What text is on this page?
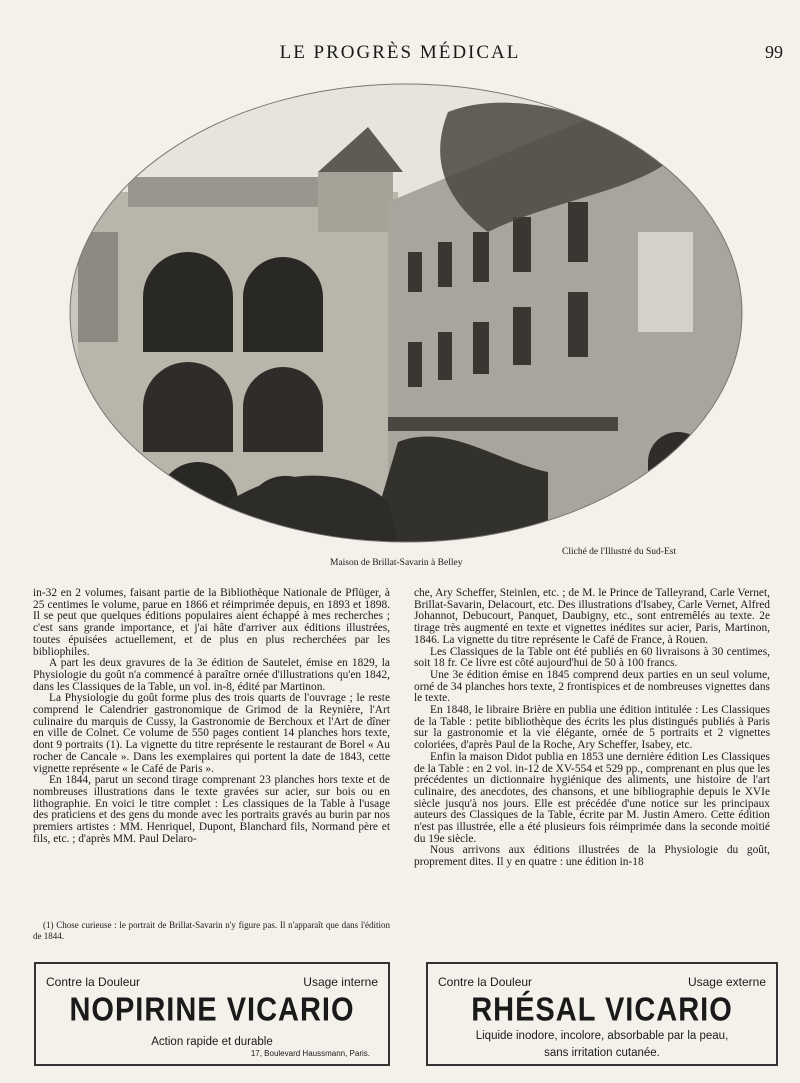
LE PROGRÈS MÉDICAL	99
Maison de Brillat-Savarin à Belley
Cliché de l'Illustré du Sud-Est

in-32 en 2 volumes, faisant partie de la Bibliothèque Nationale de Pflüger, à 25 centimes le volume, parue en 1866 et réimprimée depuis, en 1893 et 1898. Il se peut que quelques éditions populaires aient échappé à mes recherches ; c'est sans grande importance, et j'ai hâte d'arriver aux éditions illustrées, toutes épuisées actuellement, et de plus en plus recherchées par les bibliophiles.

A part les deux gravures de la 3e édition de Sautelet, émise en 1829, la Physiologie du goût n'a commencé à paraître ornée d'illustrations qu'en 1842, dans les Classiques de la Table, un vol. in-8, édité par Martinon.

La Physiologie du goût forme plus des trois quarts de l'ouvrage ; le reste comprend le Calendrier gastronomique de Grimod de la Reynière, l'Art culinaire du marquis de Cussy, la Gastronomie de Berchoux et l'Art de dîner en ville de Colnet. Ce volume de 550 pages contient 14 planches hors texte, dont 9 portraits (1). La vignette du titre représente le restaurant de Borel « Au rocher de Cancale ». Dans les exemplaires qui portent la date de 1843, cette vignette représente « le Café de Paris ».

En 1844, parut un second tirage comprenant 23 planches hors texte et de nombreuses illustrations dans le texte gravées sur acier, sur bois ou en lithographie. En voici le titre complet : Les classiques de la Table à l'usage des praticiens et des gens du monde avec les portraits gravés au burin par nos premiers artistes : MM. Henriquel, Dupont, Blanchard fils, Normand père et fils, etc. ; d'après MM. Paul Delaro-

(1) Chose curieuse : le portrait de Brillat-Savarin n'y figure pas. Il n'apparaît que dans l'édition de 1844.

che, Ary Scheffer, Steinlen, etc. ; de M. le Prince de Talleyrand, Carle Vernet, Brillat-Savarin, Delacourt, etc. Des illustrations d'Isabey, Carle Vernet, Alfred Johannot, Debucourt, Panquet, Daubigny, etc., sont entremêlés au texte. 2e tirage très augmenté en texte et vignettes inédites sur acier, Paris, Martinon, 1846. La vignette du titre représente le Café de France, à Rouen.

Les Classiques de la Table ont été publiés en 60 livraisons à 30 centimes, soit 18 fr. Ce livre est côté aujourd'hui de 50 à 100 francs.

Une 3e édition émise en 1845 comprend deux parties en un seul volume, orné de 34 planches hors texte, 2 frontispices et de nombreuses vignettes dans le texte.

En 1848, le libraire Brière en publia une édition intitulée : Les Classiques de la Table : petite bibliothèque des écrits les plus distingués publiés à Paris sur la gastronomie et la vie élégante, ornée de 5 portraits et 2 vignettes coloriées, d'après Paul de la Roche, Ary Scheffer, Isabey, etc.

Enfin la maison Didot publia en 1853 une dernière édition Les Classiques de la Table : en 2 vol. in-12 de XV-554 et 529 pp., comprenant en plus que les précédentes un dictionnaire hygiénique des aliments, une histoire de l'art culinaire, des anecdotes, des chansons, et une bibliographie depuis le XVIe siècle jusqu'à nos jours. Elle est précédée d'une notice sur les principaux auteurs des Classiques de la Table, écrite par M. Justin Amero. Cette édition n'est pas illustrée, elle a été plusieurs fois réimprimée dans la seconde moitié du 19e siècle.

Nous arrivons aux éditions illustrées de la Physiologie du goût, proprement dites. Il y en quatre : une édition in-18

Contre la Douleur	Usage interne
NOPIRINE VICARIO
Action rapide et durable
17, Boulevard Haussmann, Paris.
Contre la Douleur	Usage externe
RHÉSAL VICARIO
Liquide inodore, incolore, absorbable par la peau,
sans irritation cutanée.
